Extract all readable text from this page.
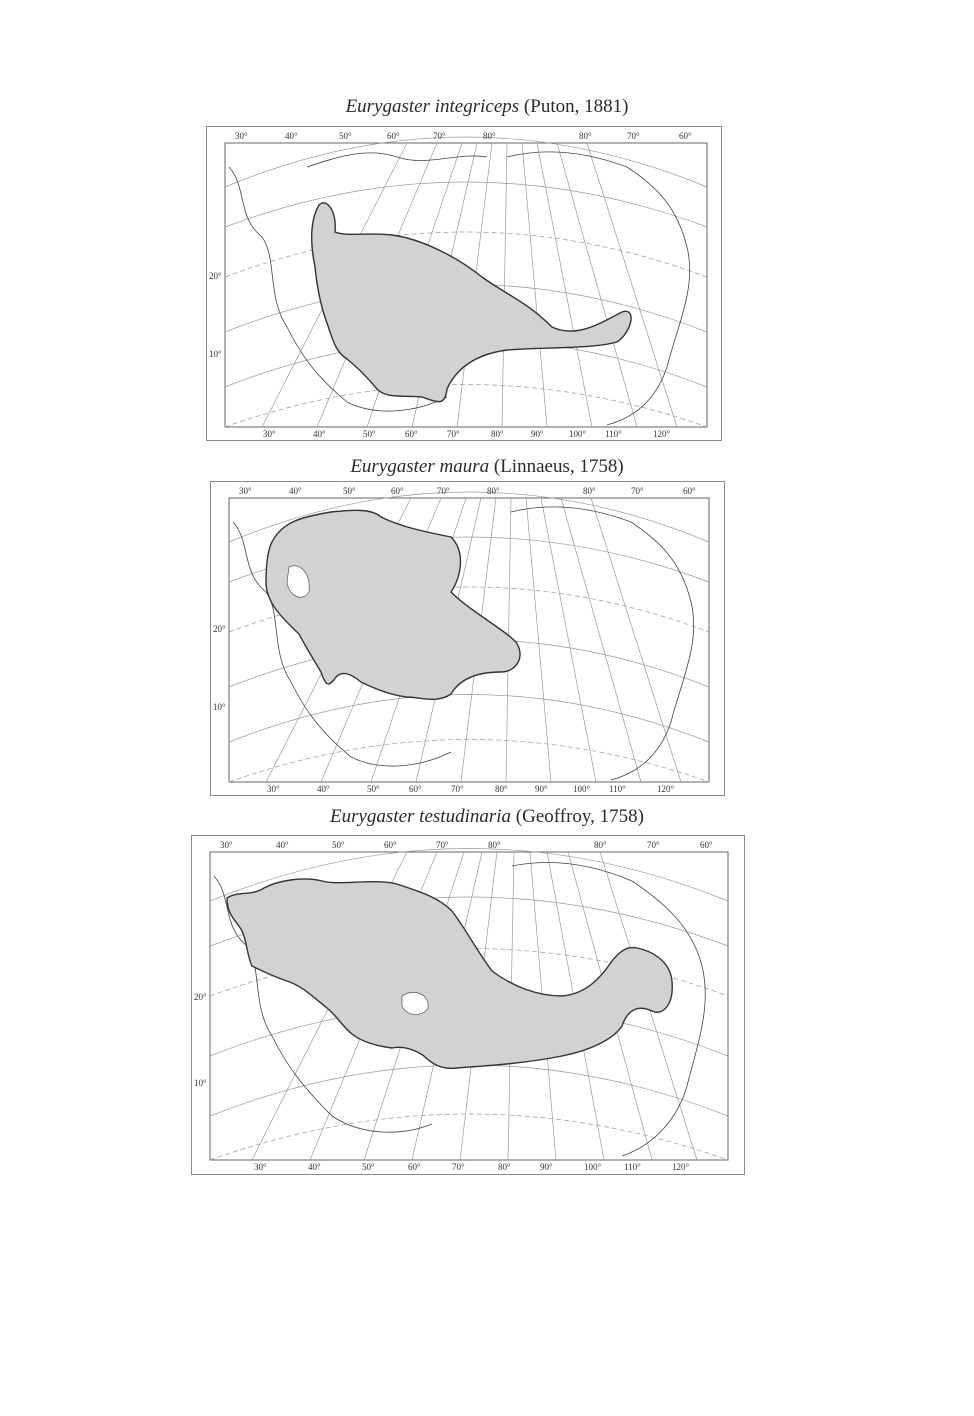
Eurygaster integriceps (Puton, 1881)
30°	40°	50°	60°	70°	80°	80°	70°	60°
30°	40°	50°	60°	70°	80°	90°	100° 110°	120°
20°
10°
Eurygaster maura (Linnaeus, 1758)
30°	40°	50°	60°	70°	80°	80°	70°	60°
30°	40°	50°	60°	70°	80°	90°	100° 110°	120°
20°
10°
Eurygaster testudinaria (Geoffroy, 1758)
30°	40°	50°	60°	70°	80°	80°	70°	60°
30°	40°	50°	60°	70°	80°	90°	100°	110°	120°
20°
10°
